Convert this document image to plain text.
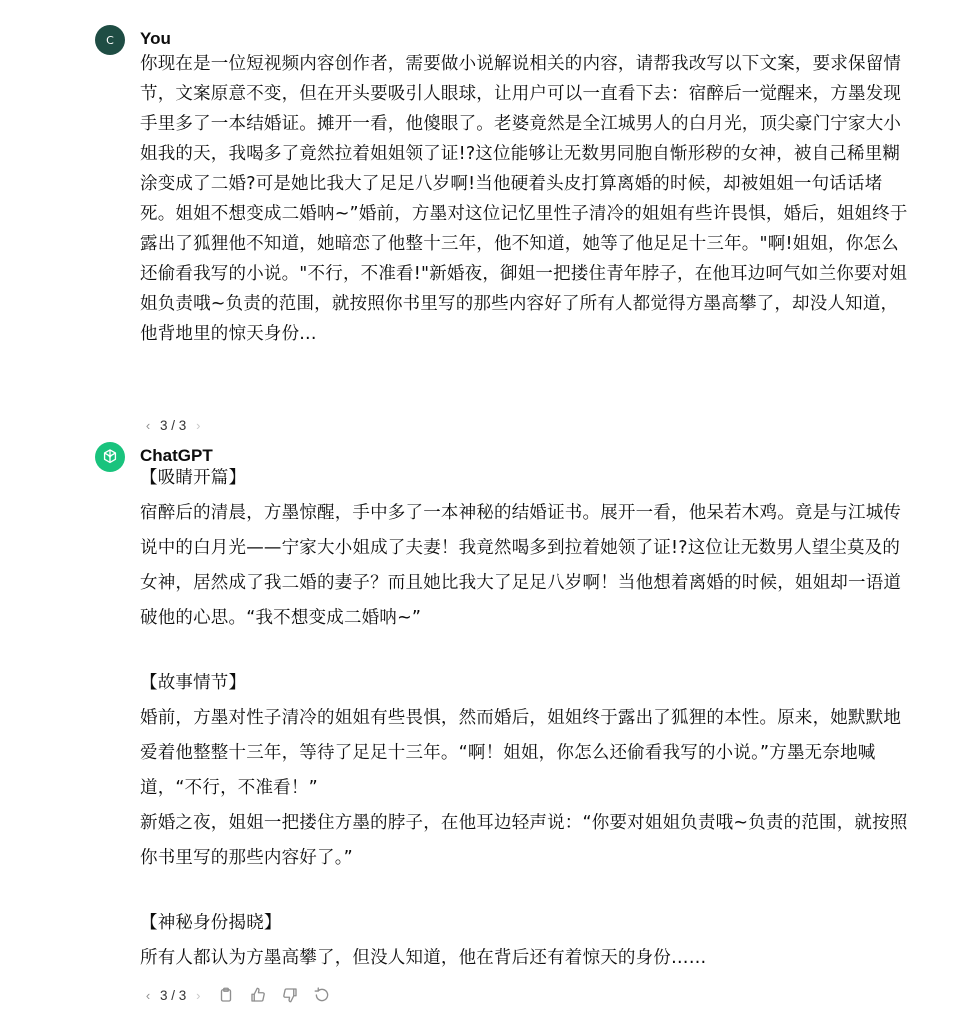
C You
你现在是一位短视频内容创作者，需要做小说解说相关的内容，请帮我改写以下文案，要求保留情节，文案原意不变，但在开头要吸引人眼球，让用户可以一直看下去：宿醉后一觉醒来，方墨发现手里多了一本结婚证。摊开一看，他傻眼了。老婆竟然是全江城男人的白月光，顶尖豪门宁家大小姐我的天，我喝多了竟然拉着姐姐领了证!?这位能够让无数男同胞自惭形秽的女神，被自己稀里糊涂变成了二婚?可是她比我大了足足八岁啊!当他硬着头皮打算离婚的时候，却被姐姐一句话话堵死。姐姐不想变成二婚呐~”婚前，方墨对这位记忆里性子清冷的姐姐有些许畏惧，婚后，姐姐终于露出了狐狸他不知道，她暗恋了他整十三年，他不知道，她等了他足足十三年。"啊!姐姐，你怎么还偷看我写的小说。"不行，不准看!"新婚夜，御姐一把搂住青年脖子，在他耳边呵气如兰你要对姐姐负责哦~负责的范围，就按照你书里写的那些内容好了所有人都觉得方墨高攀了，却没人知道，他背地里的惊天身份...
‹ 3 / 3 ›
ChatGPT

【吸睛开篇】

宿醉后的清晨，方墨惊醒，手中多了一本神秘的结婚证书。展开一看，他呆若木鸡。竟是与江城传说中的白月光——宁家大小姐成了夫妻！我竟然喝多到拉着她领了证!?这位让无数男人望尘莫及的女神，居然成了我二婚的妻子？而且她比我大了足足八岁啊！当他想着离婚的时候，姐姐却一语道破他的心思。“我不想变成二婚呐~”

【故事情节】

婚前，方墨对性子清冷的姐姐有些畏惧，然而婚后，姐姐终于露出了狐狸的本性。原来，她默默地爱着他整整十三年，等待了足足十三年。“啊！姐姐，你怎么还偷看我写的小说。”方墨无奈地喊道，“不行，不准看！”

新婚之夜，姐姐一把搂住方墨的脖子，在他耳边轻声说：“你要对姐姐负责哦~负责的范围，就按照你书里写的那些内容好了。”

【神秘身份揭晓】

所有人都认为方墨高攀了，但没人知道，他在背后还有着惊天的身份……

‹ 3 / 3 ›
